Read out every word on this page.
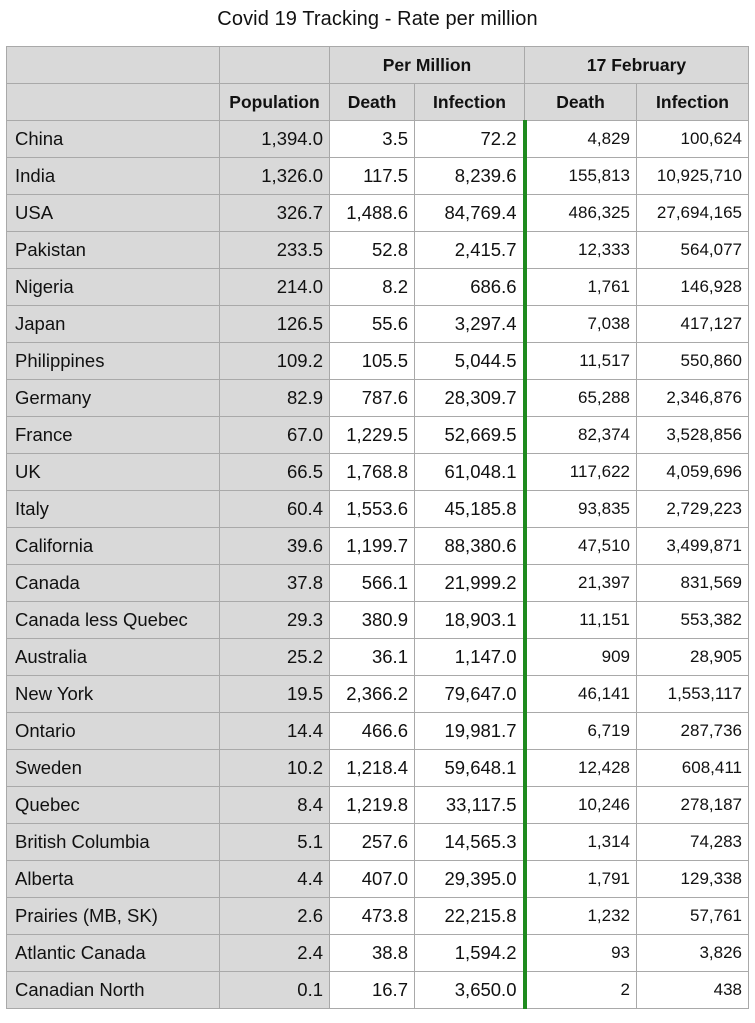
Covid 19 Tracking - Rate per million
		Per Million		17 February	
	Population	Death	Infection	Death	Infection
China	1,394.0	3.5	72.2	4,829	100,624
India	1,326.0	117.5	8,239.6	155,813	10,925,710
USA	326.7	1,488.6	84,769.4	486,325	27,694,165
Pakistan	233.5	52.8	2,415.7	12,333	564,077
Nigeria	214.0	8.2	686.6	1,761	146,928
Japan	126.5	55.6	3,297.4	7,038	417,127
Philippines	109.2	105.5	5,044.5	11,517	550,860
Germany	82.9	787.6	28,309.7	65,288	2,346,876
France	67.0	1,229.5	52,669.5	82,374	3,528,856
UK	66.5	1,768.8	61,048.1	117,622	4,059,696
Italy	60.4	1,553.6	45,185.8	93,835	2,729,223
California	39.6	1,199.7	88,380.6	47,510	3,499,871
Canada	37.8	566.1	21,999.2	21,397	831,569
Canada less Quebec	29.3	380.9	18,903.1	11,151	553,382
Australia	25.2	36.1	1,147.0	909	28,905
New York	19.5	2,366.2	79,647.0	46,141	1,553,117
Ontario	14.4	466.6	19,981.7	6,719	287,736
Sweden	10.2	1,218.4	59,648.1	12,428	608,411
Quebec	8.4	1,219.8	33,117.5	10,246	278,187
British Columbia	5.1	257.6	14,565.3	1,314	74,283
Alberta	4.4	407.0	29,395.0	1,791	129,338
Prairies (MB, SK)	2.6	473.8	22,215.8	1,232	57,761
Atlantic Canada	2.4	38.8	1,594.2	93	3,826
Canadian North	0.1	16.7	3,650.0	2	438
